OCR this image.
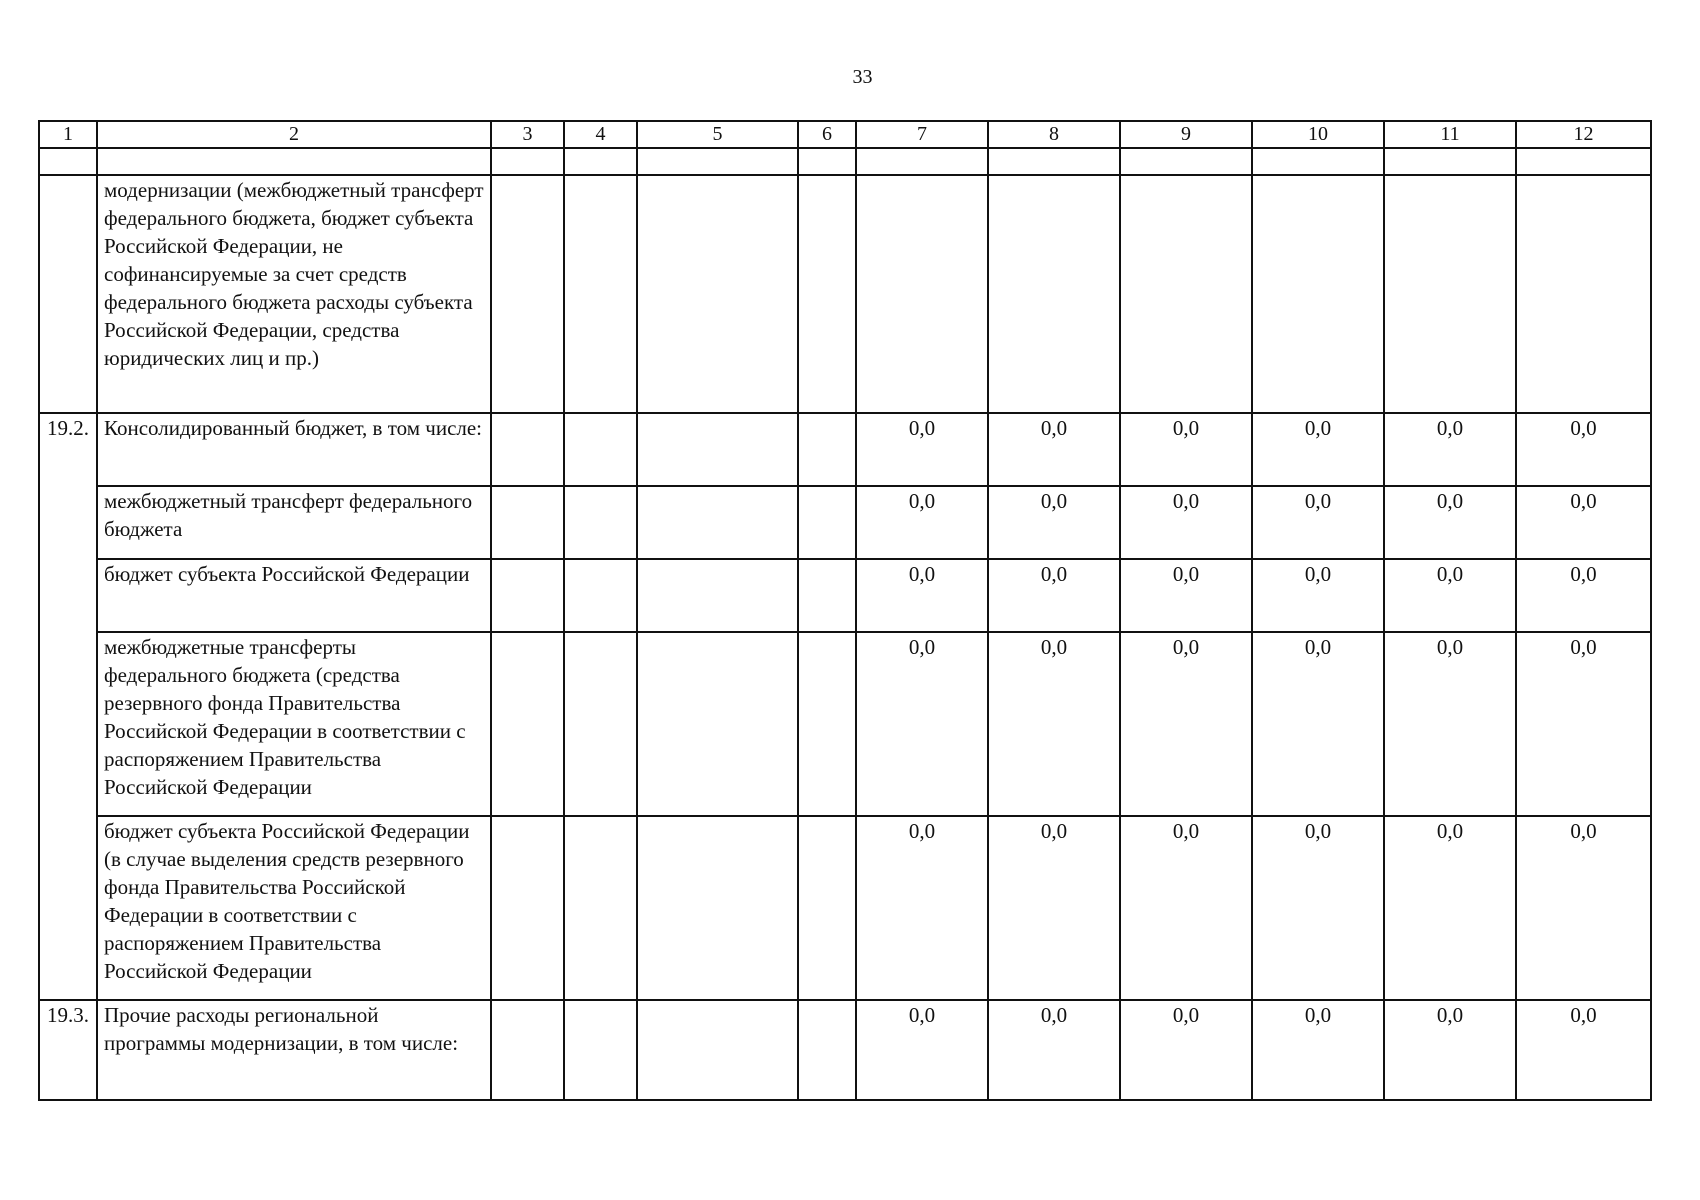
33
1	2	3	4	5	6	7	8	9	10	11	12

	модернизации (межбюджетный трансферт федерального бюджета, бюджет субъекта Российской Федерации, не софинансируемые за счет средств федерального бюджета расходы субъекта Российской Федерации, средства юридических лиц и пр.)										
19.2.	Консолидированный бюджет, в том числе:					0,0	0,0	0,0	0,0	0,0	0,0
	межбюджетный трансферт федерального бюджета					0,0	0,0	0,0	0,0	0,0	0,0
	бюджет субъекта Российской Федерации					0,0	0,0	0,0	0,0	0,0	0,0
	межбюджетные трансферты федерального бюджета (средства резервного фонда Правительства Российской Федерации в соответствии с распоряжением Правительства Российской Федерации					0,0	0,0	0,0	0,0	0,0	0,0
	бюджет субъекта Российской Федерации (в случае выделения средств резервного фонда Правительства Российской Федерации в соответствии с распоряжением Правительства Российской Федерации					0,0	0,0	0,0	0,0	0,0	0,0
19.3.	Прочие расходы региональной программы модернизации, в том числе:					0,0	0,0	0,0	0,0	0,0	0,0
